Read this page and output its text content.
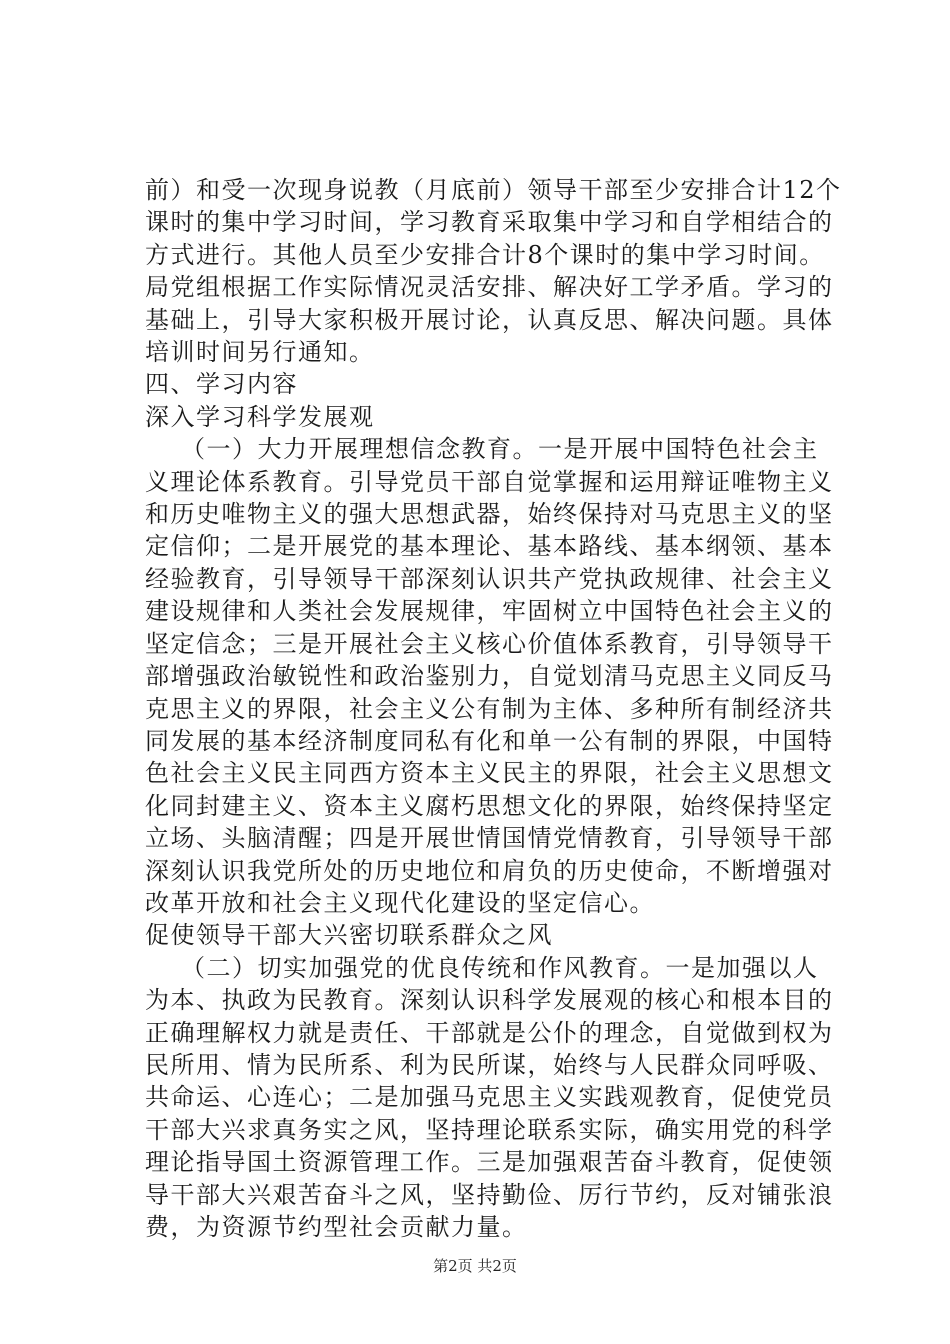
前）和受一次现身说教（月底前）领导干部至少安排合计12个
课时的集中学习时间，学习教育采取集中学习和自学相结合的
方式进行。其他人员至少安排合计8个课时的集中学习时间。
局党组根据工作实际情况灵活安排、解决好工学矛盾。学习的
基础上，引导大家积极开展讨论，认真反思、解决问题。具体
培训时间另行通知。

四、学习内容

深入学习科学发展观

（一）大力开展理想信念教育。一是开展中国特色社会主
义理论体系教育。引导党员干部自觉掌握和运用辩证唯物主义
和历史唯物主义的强大思想武器，始终保持对马克思主义的坚
定信仰；二是开展党的基本理论、基本路线、基本纲领、基本
经验教育，引导领导干部深刻认识共产党执政规律、社会主义
建设规律和人类社会发展规律，牢固树立中国特色社会主义的
坚定信念；三是开展社会主义核心价值体系教育，引导领导干
部增强政治敏锐性和政治鉴别力，自觉划清马克思主义同反马
克思主义的界限，社会主义公有制为主体、多种所有制经济共
同发展的基本经济制度同私有化和单一公有制的界限，中国特
色社会主义民主同西方资本主义民主的界限，社会主义思想文
化同封建主义、资本主义腐朽思想文化的界限，始终保持坚定
立场、头脑清醒；四是开展世情国情党情教育，引导领导干部
深刻认识我党所处的历史地位和肩负的历史使命，不断增强对
改革开放和社会主义现代化建设的坚定信心。

促使领导干部大兴密切联系群众之风

（二）切实加强党的优良传统和作风教育。一是加强以人
为本、执政为民教育。深刻认识科学发展观的核心和根本目的
正确理解权力就是责任、干部就是公仆的理念，自觉做到权为
民所用、情为民所系、利为民所谋，始终与人民群众同呼吸、
共命运、心连心；二是加强马克思主义实践观教育，促使党员
干部大兴求真务实之风，坚持理论联系实际，确实用党的科学
理论指导国土资源管理工作。三是加强艰苦奋斗教育，促使领
导干部大兴艰苦奋斗之风，坚持勤俭、厉行节约，反对铺张浪
费，为资源节约型社会贡献力量。

第2页 共2页
